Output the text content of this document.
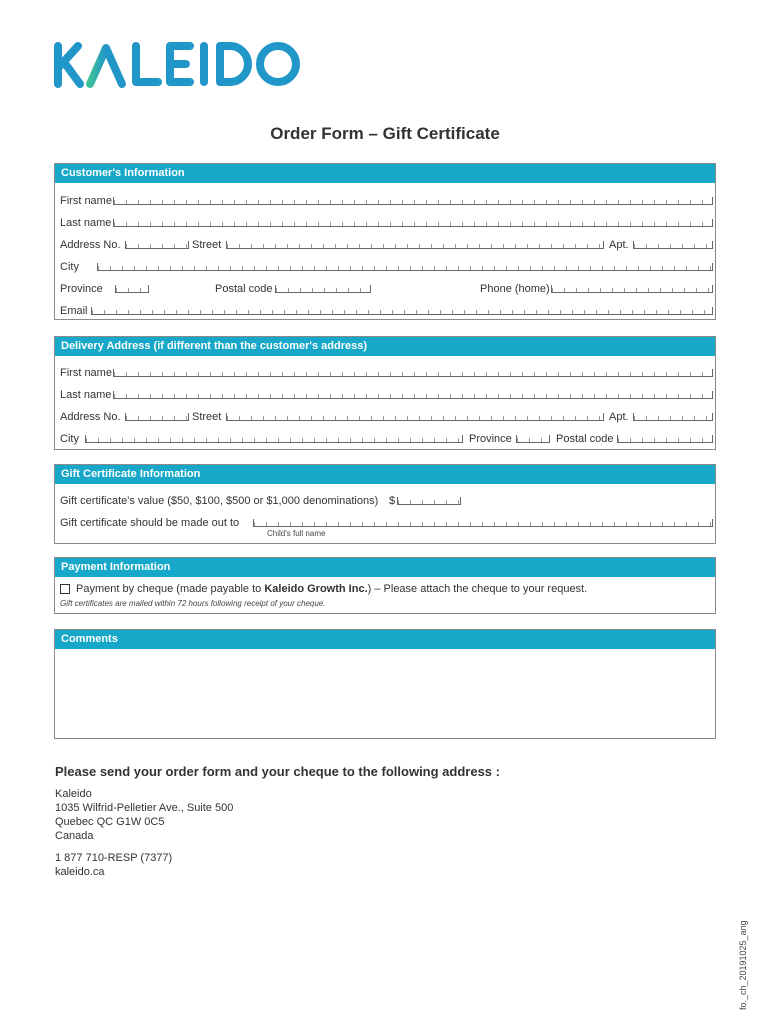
Order Form – Gift Certificate
Customer's Information
First name
Last name
Address No.	Street	Apt.
City
Province	Postal code	Phone (home)
Email
Delivery Address (if different than the customer's address)
First name
Last name
Address No.	Street	Apt.
City	Province	Postal code
Gift Certificate Information
Gift certificate's value ($50, $100, $500 or $1,000 denominations) $
Gift certificate should be made out to
Child's full name
Payment Information
Payment by cheque (made payable to Kaleido Growth Inc.) – Please attach the cheque to your request.
Gift certificates are mailed within 72 hours following receipt of your cheque.
Comments
Please send your order form and your cheque to the following address :
Kaleido
1035 Wilfrid-Pelletier Ave., Suite 500
Quebec QC G1W 0C5
Canada
1 877 710-RESP (7377)
kaleido.ca
fo._ch_20191025_ang
